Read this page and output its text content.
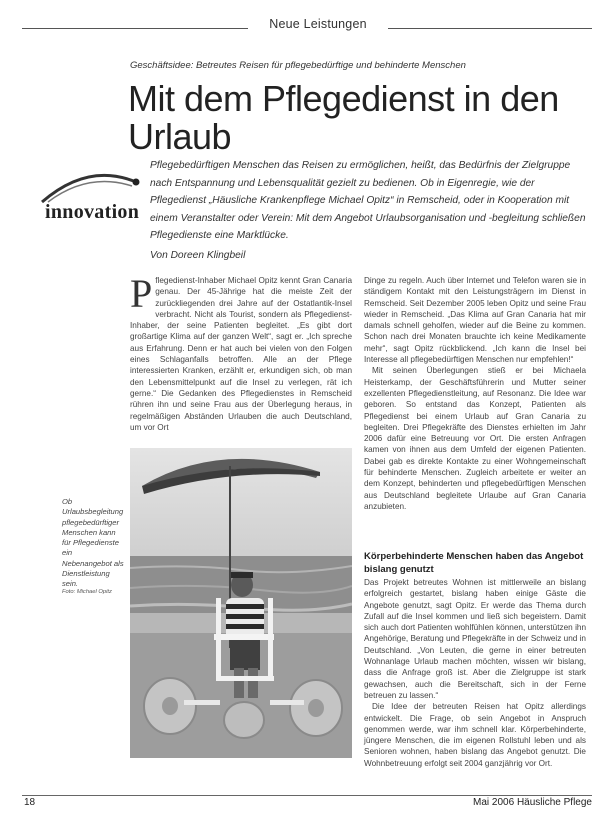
Neue Leistungen
Geschäftsidee: Betreutes Reisen für pflegebedürftige und behinderte Menschen
Mit dem Pflegedienst in den Urlaub
innovation
Pflegebedürftigen Menschen das Reisen zu ermöglichen, heißt, das Bedürfnis der Zielgruppe nach Entspannung und Lebensqualität gezielt zu bedienen. Ob in Eigenregie, wie der Pflegedienst „Häusliche Krankenpflege Michael Opitz“ in Remscheid, oder in Kooperation mit einem Veranstalter oder Verein: Mit dem Angebot Urlaubsorganisation und -begleitung schließen Pflegedienste eine Marktlücke.
Von Doreen Klingbeil

Pflegedienst-Inhaber Michael Opitz kennt Gran Canaria genau. Der 45-Jährige hat die meiste Zeit der zurückliegenden drei Jahre auf der Ostatlantik-Insel verbracht. Nicht als Tourist, sondern als Pflegedienst-Inhaber, der seine Patienten begleitet. „Es gibt dort großartige Klima auf der ganzen Welt“, sagt er. „Ich spreche aus Erfahrung. Denn er hat auch bei vielen von den Folgen eines Schlaganfalls betroffen. Alle an der Pflege interessierten Kranken, erzählt er, erkundigen sich, ob man den Lebensmittelpunkt auf die Insel zu verlegen, rät ich gerne.“ Die Gedanken des Pflegedienstes in Remscheid rühren ihn und seine Frau aus der Überlegung heraus, in regelmäßigen Abständen Urlauben die auch Deutschland, um vor Ort

Dinge zu regeln. Auch über Internet und Telefon waren sie in ständigem Kontakt mit den Leistungsträgern im Dienst in Remscheid. Seit Dezember 2005 leben Opitz und seine Frau wieder in Remscheid. „Das Klima auf Gran Canaria hat mir damals schnell geholfen, wieder auf die Beine zu kommen. Schon nach drei Monaten brauchte ich keine Medikamente mehr“, sagt Opitz rückblickend. „Ich kann die Insel bei Interesse all pflegebedürftigen Menschen nur empfehlen!“

Mit seinen Überlegungen stieß er bei Michaela Heisterkamp, der Geschäftsführerin und Mutter seiner exzellenten Pflegedienstleitung, auf Resonanz. Die Idee war geboren. So entstand das Konzept, Patienten als Pflegedienst bei einem Urlaub auf Gran Canaria zu begleiten. Drei Pflegekräfte des Dienstes erhielten im Jahr 2006 dafür eine Betreuung vor Ort. Die ersten Anfragen kamen von ihnen aus dem Umfeld der eigenen Patienten. Dabei gab es direkte Kontakte zu einer Wohngemeinschaft für behinderte Menschen. Zugleich arbeitete er weiter an dem Konzept, behinderten und pflegebedürftigen Menschen aus Deutschland begleitete Urlaube auf Gran Canaria anzubieten.

Körperbehinderte Menschen haben das Angebot bislang genutzt

Das Projekt betreutes Wohnen ist mittlerweile an bislang erfolgreich gestartet, bislang haben einige Gäste die Angebote genutzt, sagt Opitz. Er werde das Thema durch Zufall auf die Insel kommen und ließ sich begeistern. Damit sich auch dort Patienten wohlfühlen können, unterstützen ihn Angehörige, Beratung und Pflegekräfte in der Schweiz und in Deutschland. „Von Leuten, die gerne in einer betreuten Wohnanlage Urlaub machen möchten, wissen wir bislang, dass die Anfrage groß ist. Aber die Zielgruppe ist stark gewachsen, auch die Bereitschaft, sich in der Ferne betreuen zu lassen.“

Die Idee der betreuten Reisen hat Opitz allerdings entwickelt. Die Frage, ob sein Angebot in Anspruch genommen werde, war ihm schnell klar. Körperbehinderte, jüngere Menschen, die im eigenen Rollstuhl leben und als Senioren wohnen, haben bislang das Angebot genutzt. Die Wohnbetreuung erfolgt seit 2004 ganzjährig vor Ort.

Ob Urlaubsbegleitung pflegebedürftiger Menschen kann für Pflegedienste ein Nebenangebot als Dienstleistung sein.
Foto: Michael Opitz
18	Mai 2006 Häusliche Pflege
